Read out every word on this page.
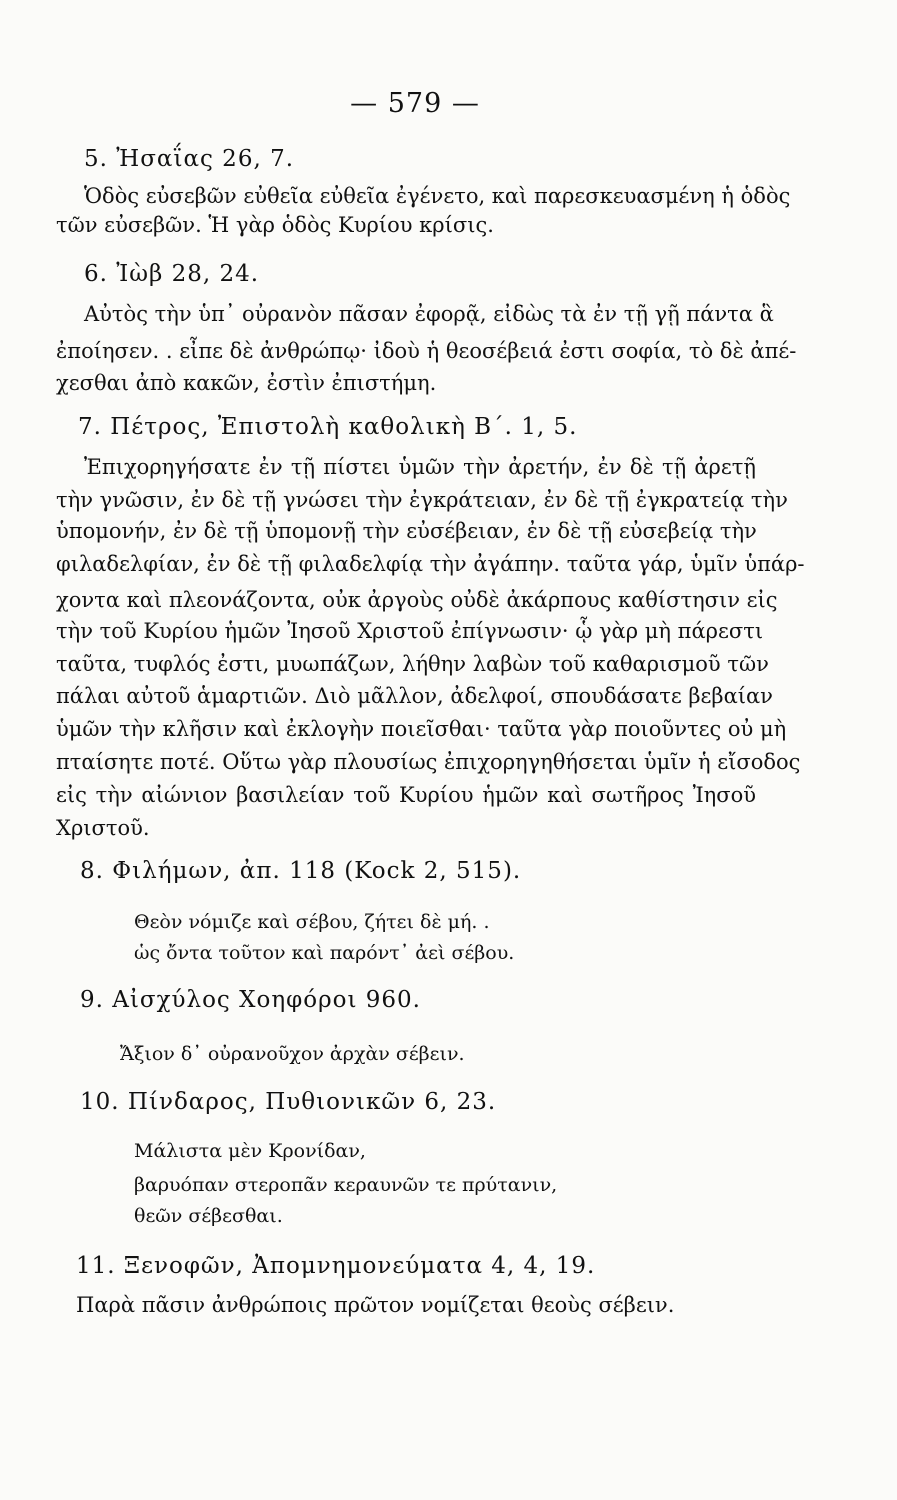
— 579 —
5. Ἠσαΐας 26, 7.
Ὁδὸς εὐσεβῶν εὐθεῖα εὐθεῖα ἐγένετο, καὶ παρεσκευασμένη ἡ ὁδὸς
τῶν εὐσεβῶν. Ἡ γὰρ ὁδὸς Κυρίου κρίσις.
6. Ἰὼβ 28, 24.
Αὐτὸς τὴν ὑπ᾽ οὐρανὸν πᾶσαν ἐφορᾷ, εἰδὼς τὰ ἐν τῇ γῇ πάντα ἃ
ἐποίησεν. . εἶπε δὲ ἀνθρώπῳ· ἰδοὺ ἡ θεοσέβειά ἐστι σοφία, τὸ δὲ ἀπέ-
χεσθαι ἀπὸ κακῶν, ἐστὶν ἐπιστήμη.
7. Πέτρος, Ἐπιστολὴ καθολικὴ Β΄. 1, 5.
Ἐπιχορηγήσατε ἐν τῇ πίστει ὑμῶν τὴν ἀρετήν, ἐν δὲ τῇ ἀρετῇ
τὴν γνῶσιν, ἐν δὲ τῇ γνώσει τὴν ἐγκράτειαν, ἐν δὲ τῇ ἐγκρατείᾳ τὴν
ὑπομονήν, ἐν δὲ τῇ ὑπομονῇ τὴν εὐσέβειαν, ἐν δὲ τῇ εὐσεβείᾳ τὴν
φιλαδελφίαν, ἐν δὲ τῇ φιλαδελφίᾳ τὴν ἀγάπην. ταῦτα γάρ, ὑμῖν ὑπάρ-
χοντα καὶ πλεονάζοντα, οὐκ ἀργοὺς οὐδὲ ἀκάρπους καθίστησιν εἰς
τὴν τοῦ Κυρίου ἡμῶν Ἰησοῦ Χριστοῦ ἐπίγνωσιν· ᾧ γὰρ μὴ πάρεστι
ταῦτα, τυφλός ἐστι, μυωπάζων, λήθην λαβὼν τοῦ καθαρισμοῦ τῶν
πάλαι αὐτοῦ ἁμαρτιῶν. Διὸ μᾶλλον, ἀδελφοί, σπουδάσατε βεβαίαν
ὑμῶν τὴν κλῆσιν καὶ ἐκλογὴν ποιεῖσθαι· ταῦτα γὰρ ποιοῦντες οὐ μὴ
πταίσητε ποτέ. Οὕτω γὰρ πλουσίως ἐπιχορηγηθήσεται ὑμῖν ἡ εἴσοδος
εἰς τὴν αἰώνιον βασιλείαν τοῦ Κυρίου ἡμῶν καὶ σωτῆρος Ἰησοῦ
Χριστοῦ.
8. Φιλήμων, ἀπ. 118 (Kock 2, 515).
Θεὸν νόμιζε καὶ σέβου, ζήτει δὲ μή. .
ὡς ὄντα τοῦτον καὶ παρόντ᾽ ἀεὶ σέβου.
9. Αἰσχύλος Χοηφόροι 960.
Ἄξιον δ᾽ οὐρανοῦχον ἀρχὰν σέβειν.
10. Πίνδαρος, Πυθιονικῶν 6, 23.
Μάλιστα μὲν Κρονίδαν,
βαρυόπαν στεροπᾶν κεραυνῶν τε πρύτανιν,
θεῶν σέβεσθαι.
11. Ξενοφῶν, Ἀπομνημονεύματα 4, 4, 19.
Παρὰ πᾶσιν ἀνθρώποις πρῶτον νομίζεται θεοὺς σέβειν.
